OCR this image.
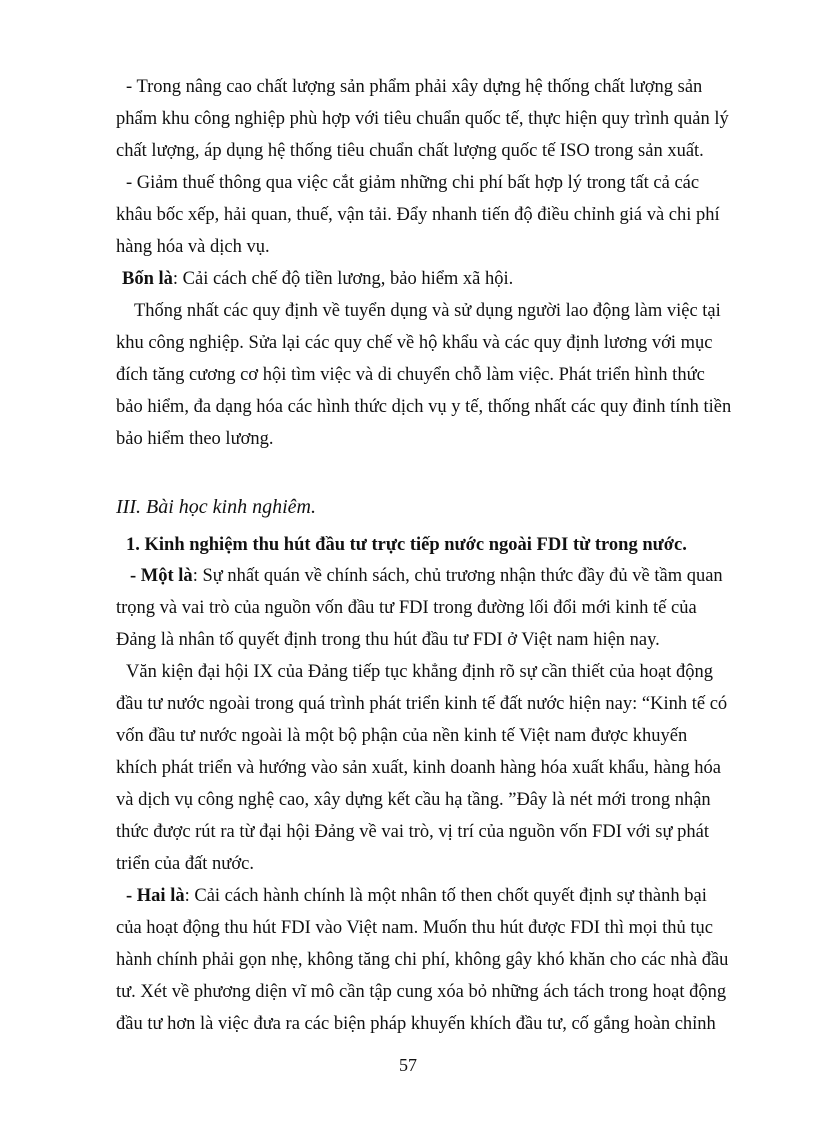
- Trong nâng cao chất lượng sản phẩm phải xây dựng hệ thống chất lượng sản
phẩm khu công nghiệp phù hợp với tiêu chuẩn quốc tế, thực hiện quy trình quản lý
chất lượng, áp dụng hệ thống tiêu chuẩn chất lượng quốc tế ISO trong sản xuất.
- Giảm thuế thông qua việc cắt giảm những chi phí bất hợp lý trong tất cả các
khâu bốc xếp, hải quan, thuế, vận tải. Đẩy nhanh tiến độ điều chỉnh giá và chi phí
hàng hóa và dịch vụ.
Bốn là: Cải cách chế độ tiền lương, bảo hiểm xã hội.
Thống nhất các quy định về tuyển dụng và sử dụng người lao động làm việc tại
khu công nghiệp. Sửa lại các quy chế về hộ khẩu và các quy định lương với mục
đích tăng cương cơ hội tìm việc và di chuyển chỗ làm việc. Phát triển hình thức
bảo hiểm, đa dạng hóa các hình thức dịch vụ y tế, thống nhất các quy đinh tính tiền
bảo hiểm theo lương.
III. Bài học kinh nghiêm.
1. Kinh nghiệm thu hút đầu tư trực tiếp nước ngoài FDI từ trong nước.
- Một là: Sự nhất quán về chính sách, chủ trương nhận thức đầy đủ về tầm quan
trọng và vai trò của nguồn vốn đầu tư FDI trong đường lối đổi mới kinh tế của
Đảng là nhân tố quyết định trong thu hút đầu tư FDI ở Việt nam hiện nay.
Văn kiện đại hội IX của Đảng tiếp tục khẳng định rõ sự cần thiết của hoạt động
đầu tư nước ngoài trong quá trình phát triển kinh tế đất nước hiện nay: “Kinh tế có
vốn đầu tư nước ngoài là một bộ phận của nền kinh tế Việt nam được khuyến
khích phát triển và hướng vào sản xuất, kinh doanh hàng hóa xuất khẩu, hàng hóa
và dịch vụ công nghệ cao, xây dựng kết cầu hạ tầng. ”Đây là nét mới trong nhận
thức được rút ra từ đại hội Đảng về vai trò, vị trí của nguồn vốn FDI với sự phát
triển của đất nước.
- Hai là: Cải cách hành chính là một nhân tố then chốt quyết định sự thành bại
của hoạt động thu hút FDI vào Việt nam. Muốn thu hút được FDI thì mọi thủ tục
hành chính phải gọn nhẹ, không tăng chi phí, không gây khó khăn cho các nhà đầu
tư. Xét về phương diện vĩ mô cần tập cung xóa bỏ những ách tách trong hoạt động
đầu tư hơn là việc đưa ra các biện pháp khuyến khích đầu tư, cố gắng hoàn chỉnh
57
